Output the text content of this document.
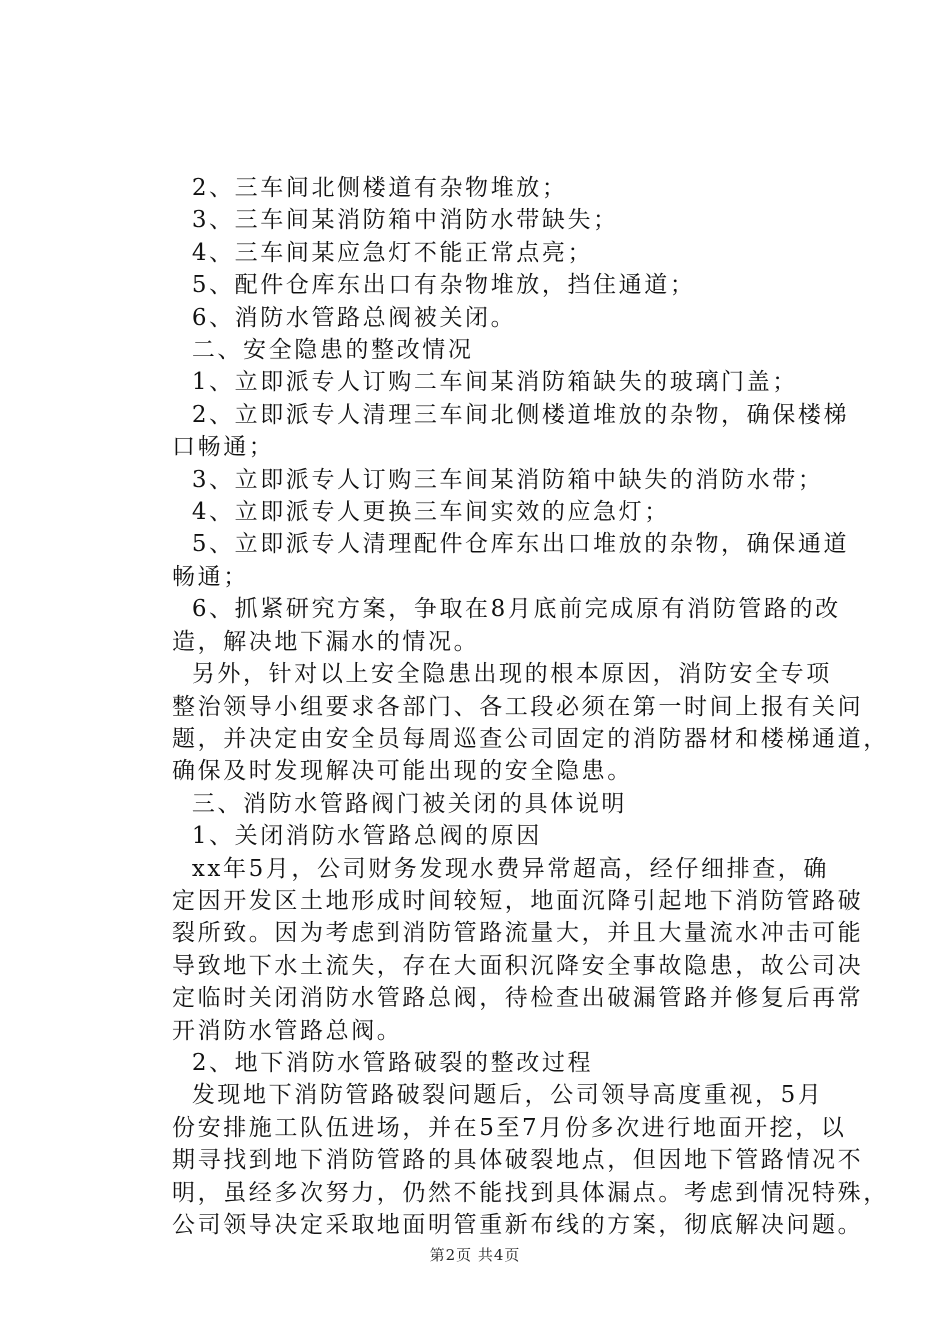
2、三车间北侧楼道有杂物堆放；

3、三车间某消防箱中消防水带缺失；

4、三车间某应急灯不能正常点亮；

5、配件仓库东出口有杂物堆放，挡住通道；

6、消防水管路总阀被关闭。

二、安全隐患的整改情况

1、立即派专人订购二车间某消防箱缺失的玻璃门盖；

2、立即派专人清理三车间北侧楼道堆放的杂物，确保楼梯

口畅通；

3、立即派专人订购三车间某消防箱中缺失的消防水带；

4、立即派专人更换三车间实效的应急灯；

5、立即派专人清理配件仓库东出口堆放的杂物，确保通道

畅通；

6、抓紧研究方案，争取在8月底前完成原有消防管路的改

造，解决地下漏水的情况。

另外，针对以上安全隐患出现的根本原因，消防安全专项

整治领导小组要求各部门、各工段必须在第一时间上报有关问

题，并决定由安全员每周巡查公司固定的消防器材和楼梯通道，

确保及时发现解决可能出现的安全隐患。

三、消防水管路阀门被关闭的具体说明

1、关闭消防水管路总阀的原因

xx年5月，公司财务发现水费异常超高，经仔细排查，确

定因开发区土地形成时间较短，地面沉降引起地下消防管路破

裂所致。因为考虑到消防管路流量大，并且大量流水冲击可能

导致地下水土流失，存在大面积沉降安全事故隐患，故公司决

定临时关闭消防水管路总阀，待检查出破漏管路并修复后再常

开消防水管路总阀。

2、地下消防水管路破裂的整改过程

发现地下消防管路破裂问题后，公司领导高度重视，5月

份安排施工队伍进场，并在5至7月份多次进行地面开挖，以

期寻找到地下消防管路的具体破裂地点，但因地下管路情况不

明，虽经多次努力，仍然不能找到具体漏点。考虑到情况特殊，

公司领导决定采取地面明管重新布线的方案，彻底解决问题。

第2页 共4页
